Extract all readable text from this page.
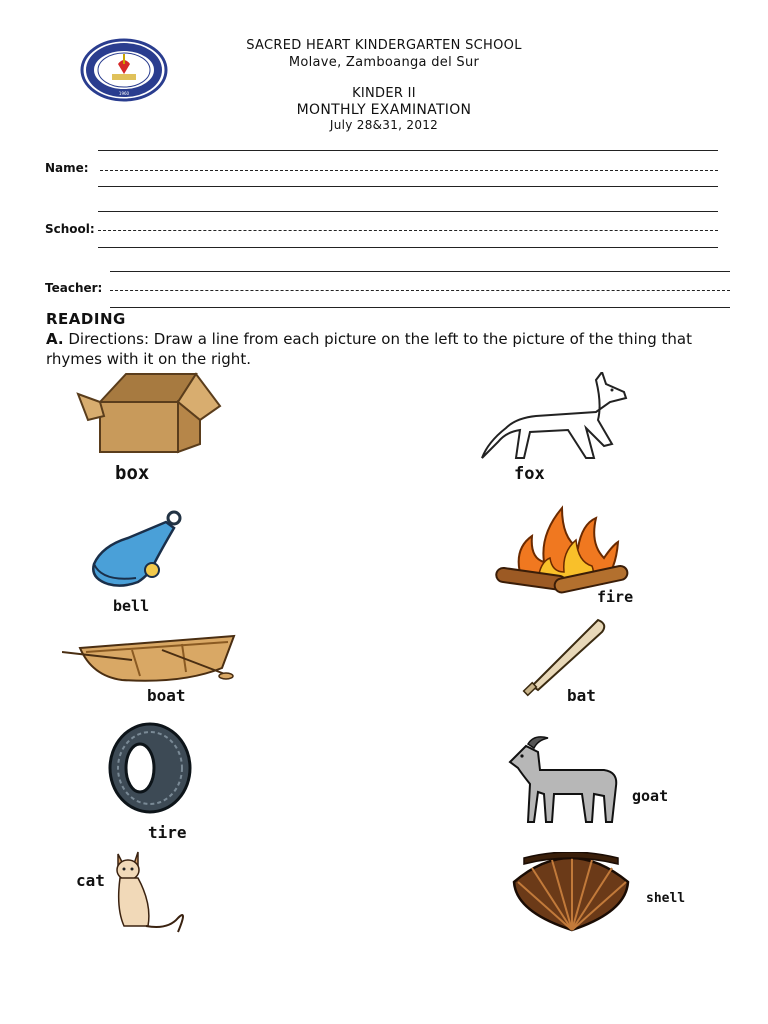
1960
SACRED HEART KINDERGARTEN SCHOOL
Molave, Zamboanga del Sur
KINDER II
MONTHLY EXAMINATION
July 28&31, 2012
Name:
School:
Teacher:
READING
A. Directions: Draw a line from each picture on the left to the picture of the thing that rhymes with it on the right.
box
bell
boat
tire
cat
fox
fire
bat
goat
shell
